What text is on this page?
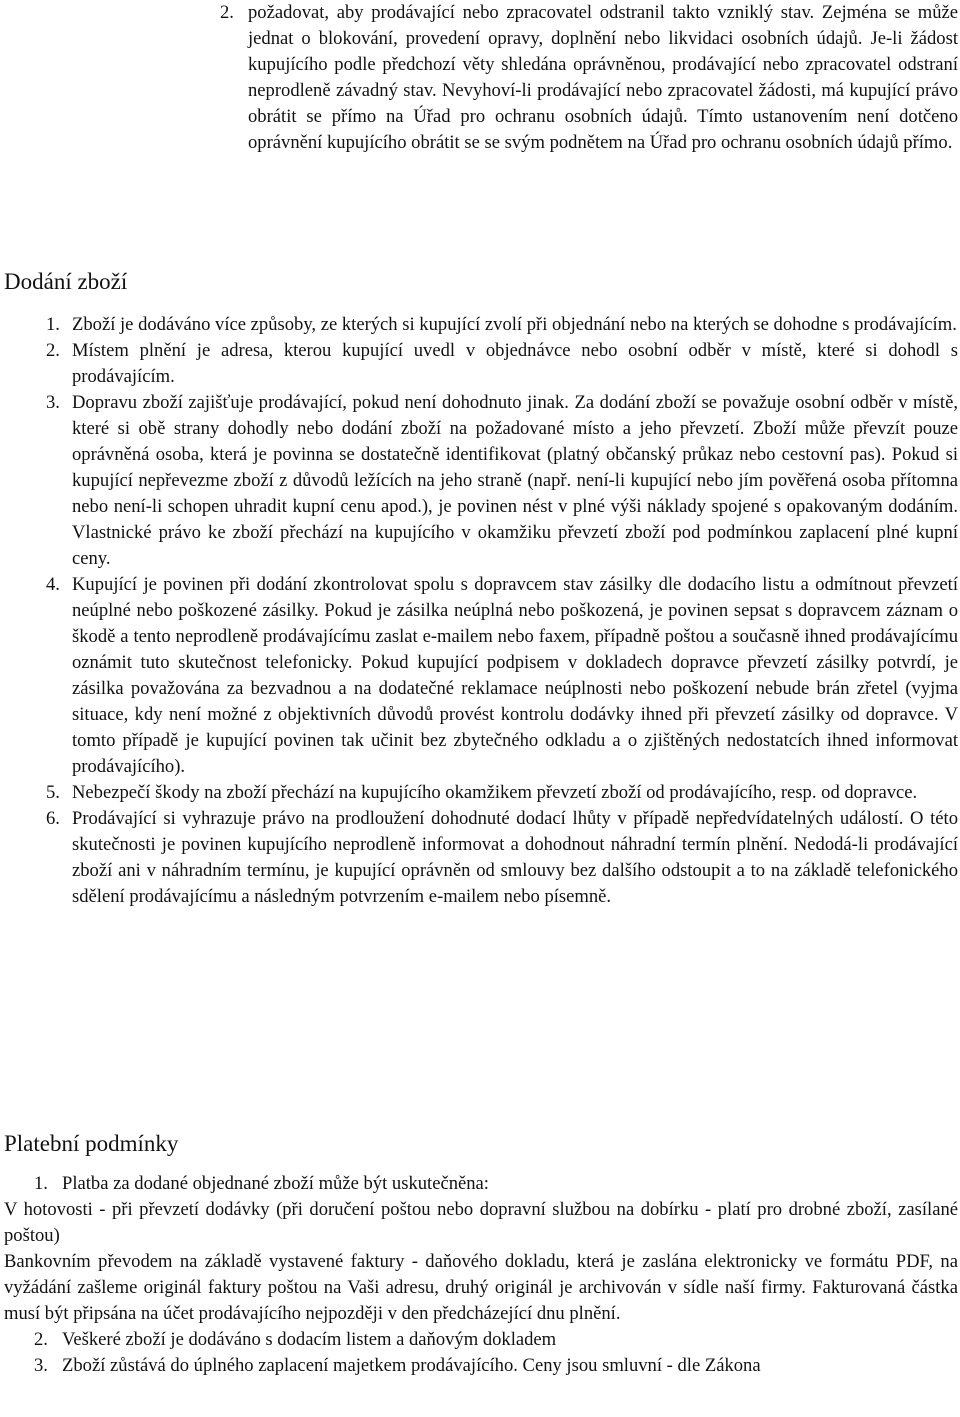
2. požadovat, aby prodávající nebo zpracovatel odstranil takto vzniklý stav. Zejména se může jednat o blokování, provedení opravy, doplnění nebo likvidaci osobních údajů. Je-li žádost kupujícího podle předchozí věty shledána oprávněnou, prodávající nebo zpracovatel odstraní neprodleně závadný stav. Nevyhoví-li prodávající nebo zpracovatel žádosti, má kupující právo obrátit se přímo na Úřad pro ochranu osobních údajů. Tímto ustanovením není dotčeno oprávnění kupujícího obrátit se se svým podnětem na Úřad pro ochranu osobních údajů přímo.
Dodání zboží
1. Zboží je dodáváno více způsoby, ze kterých si kupující zvolí při objednání nebo na kterých se dohodne s prodávajícím.
2. Místem plnění je adresa, kterou kupující uvedl v objednávce nebo osobní odběr v místě, které si dohodl s prodávajícím.
3. Dopravu zboží zajišťuje prodávající, pokud není dohodnuto jinak. Za dodání zboží se považuje osobní odběr v místě, které si obě strany dohodly nebo dodání zboží na požadované místo a jeho převzetí. Zboží může převzít pouze oprávněná osoba, která je povinna se dostatečně identifikovat (platný občanský průkaz nebo cestovní pas). Pokud si kupující nepřevezme zboží z důvodů ležících na jeho straně (např. není-li kupující nebo jím pověřená osoba přítomna nebo není-li schopen uhradit kupní cenu apod.), je povinen nést v plné výši náklady spojené s opakovaným dodáním. Vlastnické právo ke zboží přechází na kupujícího v okamžiku převzetí zboží pod podmínkou zaplacení plné kupní ceny.
4. Kupující je povinen při dodání zkontrolovat spolu s dopravcem stav zásilky dle dodacího listu a odmítnout převzetí neúplné nebo poškozené zásilky. Pokud je zásilka neúplná nebo poškozená, je povinen sepsat s dopravcem záznam o škodě a tento neprodleně prodávajícímu zaslat e-mailem nebo faxem, případně poštou a současně ihned prodávajícímu oznámit tuto skutečnost telefonicky. Pokud kupující podpisem v dokladech dopravce převzetí zásilky potvrdí, je zásilka považována za bezvadnou a na dodatečné reklamace neúplnosti nebo poškození nebude brán zřetel (vyjma situace, kdy není možné z objektivních důvodů provést kontrolu dodávky ihned při převzetí zásilky od dopravce. V tomto případě je kupující povinen tak učinit bez zbytečného odkladu a o zjištěných nedostatcích ihned informovat prodávajícího).
5. Nebezpečí škody na zboží přechází na kupujícího okamžikem převzetí zboží od prodávajícího, resp. od dopravce.
6. Prodávající si vyhrazuje právo na prodloužení dohodnuté dodací lhůty v případě nepředvídatelných událostí. O této skutečnosti je povinen kupujícího neprodleně informovat a dohodnout náhradní termín plnění. Nedodá-li prodávající zboží ani v náhradním termínu, je kupující oprávněn od smlouvy bez dalšího odstoupit a to na základě telefonického sdělení prodávajícímu a následným potvrzením e-mailem nebo písemně.
Platební podmínky
1. Platba za dodané objednané zboží může být uskutečněna:

V hotovosti - při převzetí dodávky (při doručení poštou nebo dopravní službou na dobírku - platí pro drobné zboží, zasílané poštou)

Bankovním převodem na základě vystavené faktury - daňového dokladu, která je zaslána elektronicky ve formátu PDF, na vyžádání zašleme originál faktury poštou na Vaši adresu, druhý originál je archivován v sídle naší firmy. Fakturovaná částka musí být připsána na účet prodávajícího nejpozději v den předcházející dnu plnění.

2. Veškeré zboží je dodáváno s dodacím listem a daňovým dokladem
3. Zboží zůstává do úplného zaplacení majetkem prodávajícího. Ceny jsou smluvní - dle Zákona
